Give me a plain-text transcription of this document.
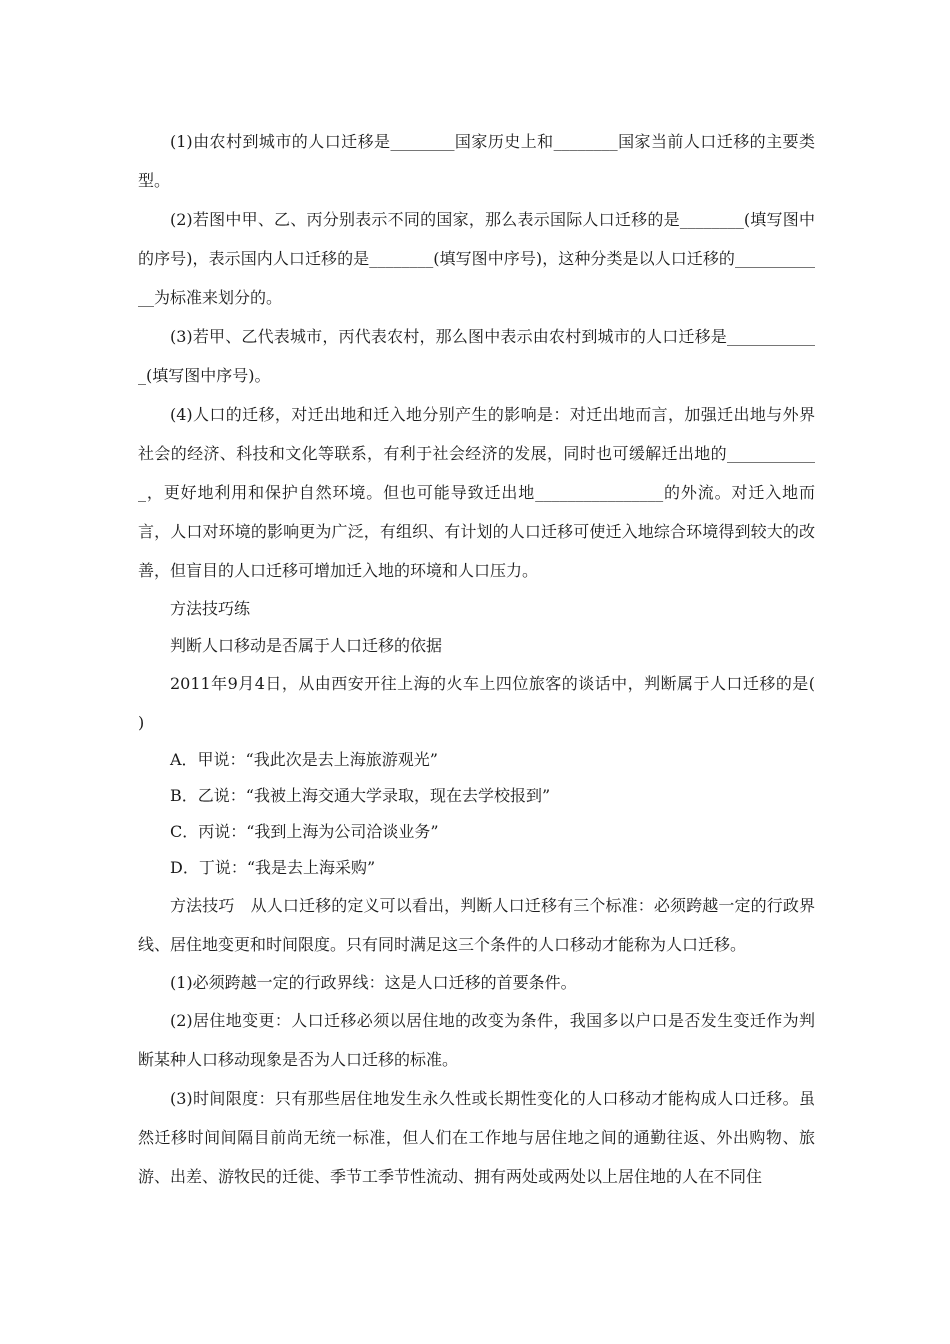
(1)由农村到城市的人口迁移是________国家历史上和________国家当前人口迁移的主要类型。

(2)若图中甲、乙、丙分别表示不同的国家，那么表示国际人口迁移的是________(填写图中的序号)，表示国内人口迁移的是________(填写图中序号)，这种分类是以人口迁移的____________为标准来划分的。

(3)若甲、乙代表城市，丙代表农村，那么图中表示由农村到城市的人口迁移是____________(填写图中序号)。

(4)人口的迁移，对迁出地和迁入地分别产生的影响是：对迁出地而言，加强迁出地与外界社会的经济、科技和文化等联系，有利于社会经济的发展，同时也可缓解迁出地的____________，更好地利用和保护自然环境。但也可能导致迁出地________________的外流。对迁入地而言，人口对环境的影响更为广泛，有组织、有计划的人口迁移可使迁入地综合环境得到较大的改善，但盲目的人口迁移可增加迁入地的环境和人口压力。

方法技巧练

判断人口移动是否属于人口迁移的依据

2011年9月4日，从由西安开往上海的火车上四位旅客的谈话中，判断属于人口迁移的是(　　)

A．甲说：“我此次是去上海旅游观光”

B．乙说：“我被上海交通大学录取，现在去学校报到”

C．丙说：“我到上海为公司洽谈业务”

D．丁说：“我是去上海采购”

方法技巧　从人口迁移的定义可以看出，判断人口迁移有三个标准：必须跨越一定的行政界线、居住地变更和时间限度。只有同时满足这三个条件的人口移动才能称为人口迁移。

(1)必须跨越一定的行政界线：这是人口迁移的首要条件。

(2)居住地变更：人口迁移必须以居住地的改变为条件，我国多以户口是否发生变迁作为判断某种人口移动现象是否为人口迁移的标准。

(3)时间限度：只有那些居住地发生永久性或长期性变化的人口移动才能构成人口迁移。虽然迁移时间间隔目前尚无统一标准，但人们在工作地与居住地之间的通勤往返、外出购物、旅游、出差、游牧民的迁徙、季节工季节性流动、拥有两处或两处以上居住地的人在不同住
